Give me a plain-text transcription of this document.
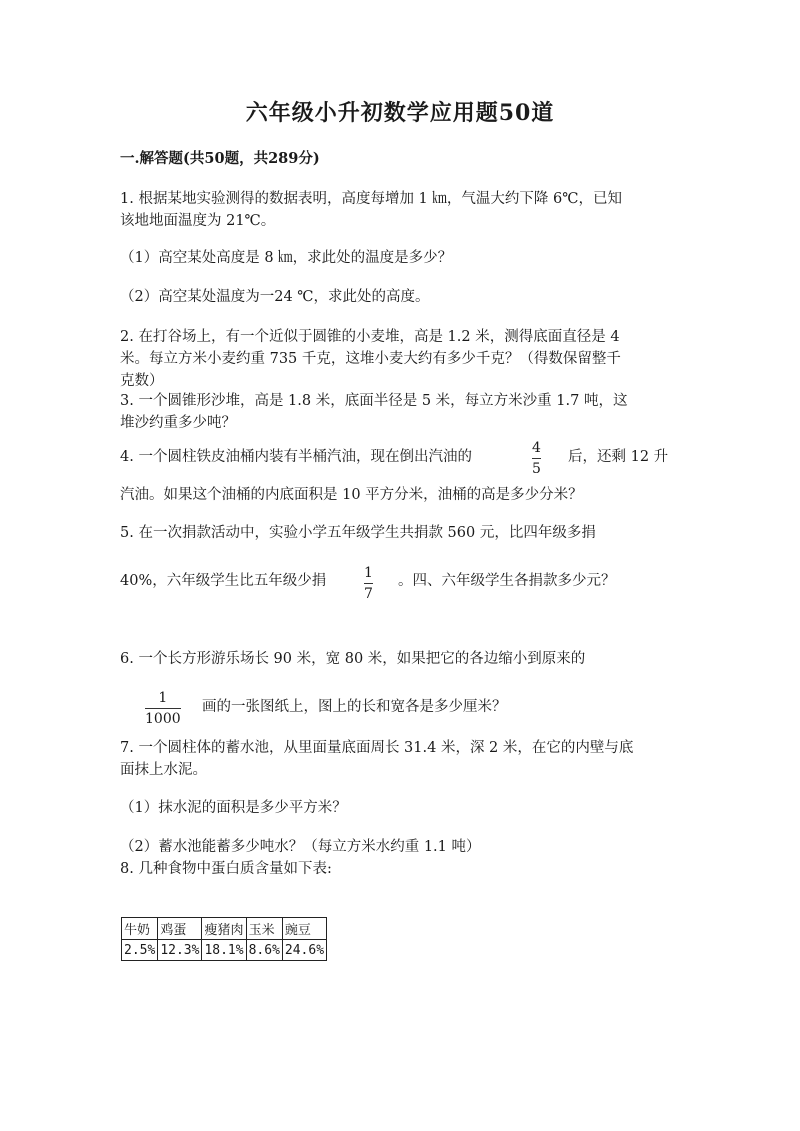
六年级小升初数学应用题50道
一.解答题(共50题，共289分)
1. 根据某地实验测得的数据表明，高度每增加 1 ㎞，气温大约下降 6℃，已知
该地地面温度为 21℃。
（1）高空某处高度是 8 ㎞，求此处的温度是多少？
（2）高空某处温度为一24 ℃，求此处的高度。
2. 在打谷场上，有一个近似于圆锥的小麦堆，高是 1.2 米，测得底面直径是 4
米。每立方米小麦约重 735 千克，这堆小麦大约有多少千克？（得数保留整千
克数）
3. 一个圆锥形沙堆，高是 1.8 米，底面半径是 5 米，每立方米沙重 1.7 吨，这
堆沙约重多少吨？
4. 一个圆柱铁皮油桶内装有半桶汽油，现在倒出汽油的
4
5
后，还剩 12 升
汽油。如果这个油桶的内底面积是 10 平方分米，油桶的高是多少分米？
5. 在一次捐款活动中，实验小学五年级学生共捐款 560 元，比四年级多捐
40%，六年级学生比五年级少捐	1
7
。四、六年级学生各捐款多少元？
6. 一个长方形游乐场长 90 米，宽 80 米，如果把它的各边缩小到原来的
1
1000
画的一张图纸上，图上的长和宽各是多少厘米？
7. 一个圆柱体的蓄水池，从里面量底面周长 31.4 米，深 2 米，在它的内壁与底
面抹上水泥。
（1）抹水泥的面积是多少平方米？
（2）蓄水池能蓄多少吨水？（每立方米水约重 1.1 吨）
8. 几种食物中蛋白质含量如下表:
牛奶	鸡蛋	瘦猪肉	玉米	豌豆
2.5%	12.3%	18.1%	8.6%	24.6%
